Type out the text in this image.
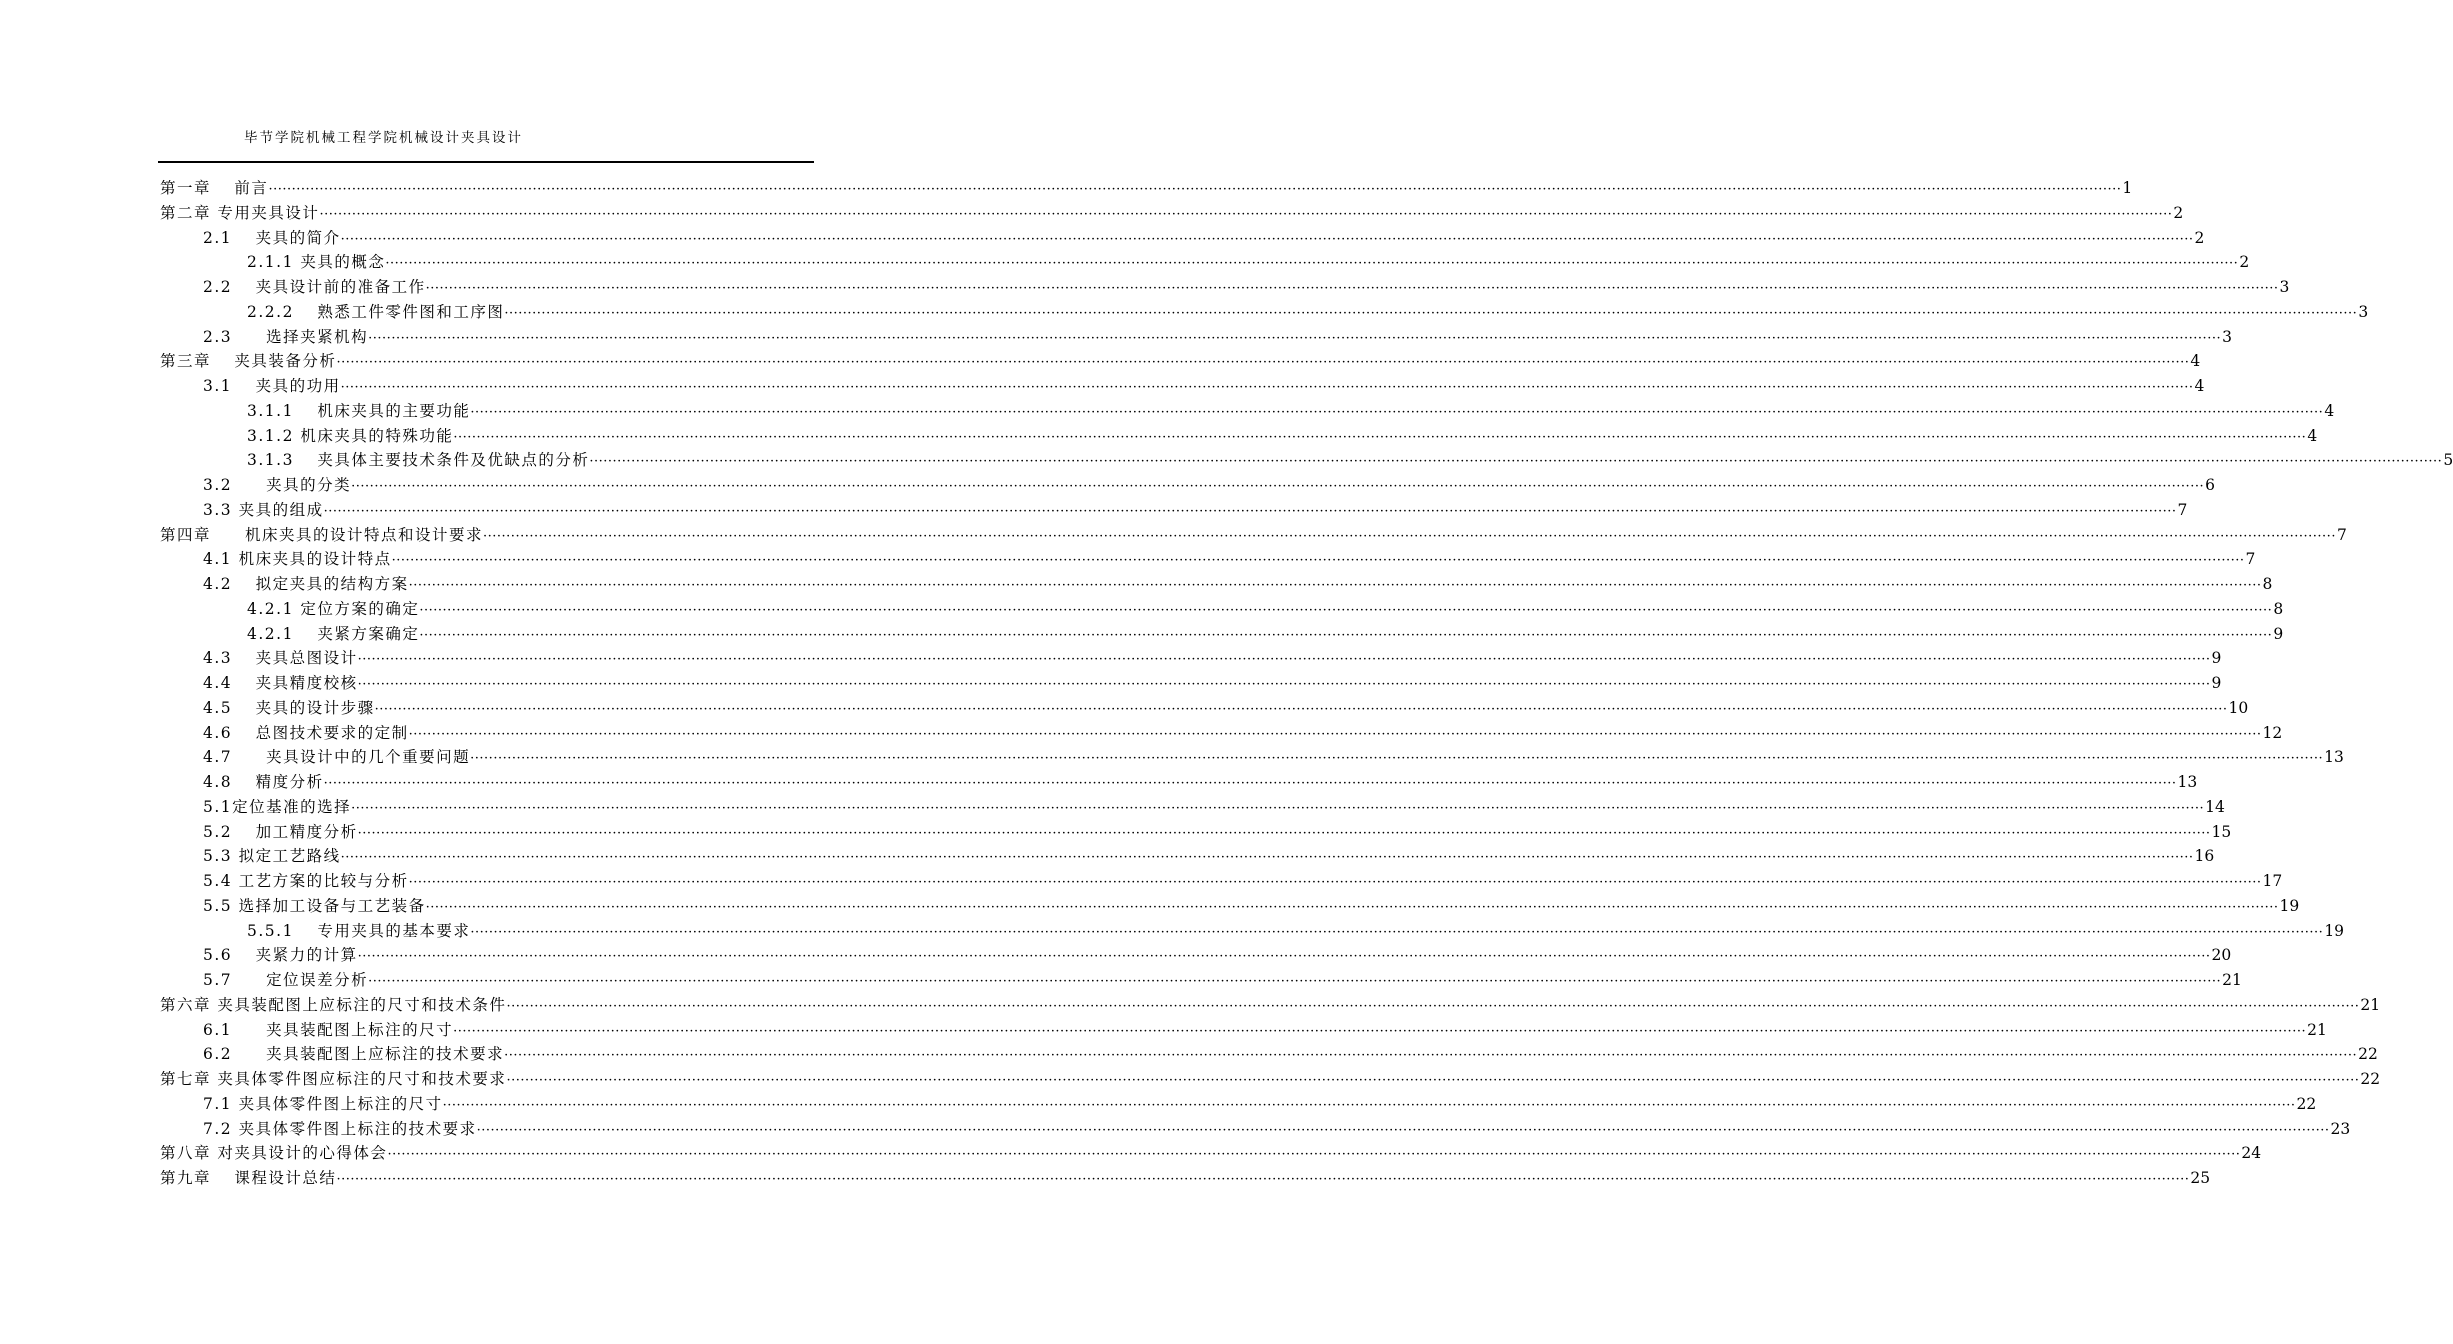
毕节学院机械工程学院机械设计夹具设计
第一章　 前言 ················································································································································································································································································································································································································ 1
第二章 专用夹具设计 ················································································································································································································································································································································································································ 2
2.1　 夹具的简介 ················································································································································································································································································································································································································ 2
2.1.1 夹具的概念 ················································································································································································································································································································································································································ 2
2.2　 夹具设计前的准备工作 ················································································································································································································································································································································································································ 3
2.2.2　 熟悉工件零件图和工序图 ················································································································································································································································································································································································································ 3
2.3　　选择夹紧机构 ················································································································································································································································································································································································································ 3
第三章　 夹具装备分析 ················································································································································································································································································································································································································ 4
3.1　 夹具的功用 ················································································································································································································································································································································································································ 4
3.1.1　 机床夹具的主要功能 ················································································································································································································································································································································································································ 4
3.1.2 机床夹具的特殊功能 ················································································································································································································································································································································································································ 4
3.1.3　 夹具体主要技术条件及优缺点的分析 ················································································································································································································································································································································································································ 5
3.2　　夹具的分类 ················································································································································································································································································································································································································ 6
3.3 夹具的组成 ················································································································································································································································································································································································································ 7
第四章　　机床夹具的设计特点和设计要求 ················································································································································································································································································································································································································ 7
4.1 机床夹具的设计特点 ················································································································································································································································································································································································································ 7
4.2　 拟定夹具的结构方案 ················································································································································································································································································································································································································ 8
4.2.1 定位方案的确定 ················································································································································································································································································································································································································ 8
4.2.1　 夹紧方案确定 ················································································································································································································································································································································································································ 9
4.3　 夹具总图设计 ················································································································································································································································································································································································································ 9
4.4　 夹具精度校核 ················································································································································································································································································································································································································ 9
4.5　 夹具的设计步骤 ················································································································································································································································································································································································································ 10
4.6　 总图技术要求的定制 ················································································································································································································································································································································································································ 12
4.7　　夹具设计中的几个重要问题 ················································································································································································································································································································································································································ 13
4.8　 精度分析 ················································································································································································································································································································································································································ 13
5.1定位基准的选择 ················································································································································································································································································································································································································ 14
5.2　 加工精度分析 ················································································································································································································································································································································································································ 15
5.3 拟定工艺路线 ················································································································································································································································································································································································································ 16
5.4 工艺方案的比较与分析 ················································································································································································································································································································································································································ 17
5.5 选择加工设备与工艺装备 ················································································································································································································································································································································································································ 19
5.5.1　 专用夹具的基本要求 ················································································································································································································································································································································································································ 19
5.6　 夹紧力的计算 ················································································································································································································································································································································································································ 20
5.7　　定位误差分析 ················································································································································································································································································································································································································ 21
第六章 夹具装配图上应标注的尺寸和技术条件 ················································································································································································································································································································································································································ 21
6.1　　夹具装配图上标注的尺寸 ················································································································································································································································································································································································································ 21
6.2　　夹具装配图上应标注的技术要求 ················································································································································································································································································································································································································ 22
第七章 夹具体零件图应标注的尺寸和技术要求 ················································································································································································································································································································································································································ 22
7.1 夹具体零件图上标注的尺寸 ················································································································································································································································································································································································································ 22
7.2 夹具体零件图上标注的技术要求 ················································································································································································································································································································································································································ 23
第八章 对夹具设计的心得体会 ················································································································································································································································································································································································································ 24
第九章　 课程设计总结 ················································································································································································································································································································································································································ 25
